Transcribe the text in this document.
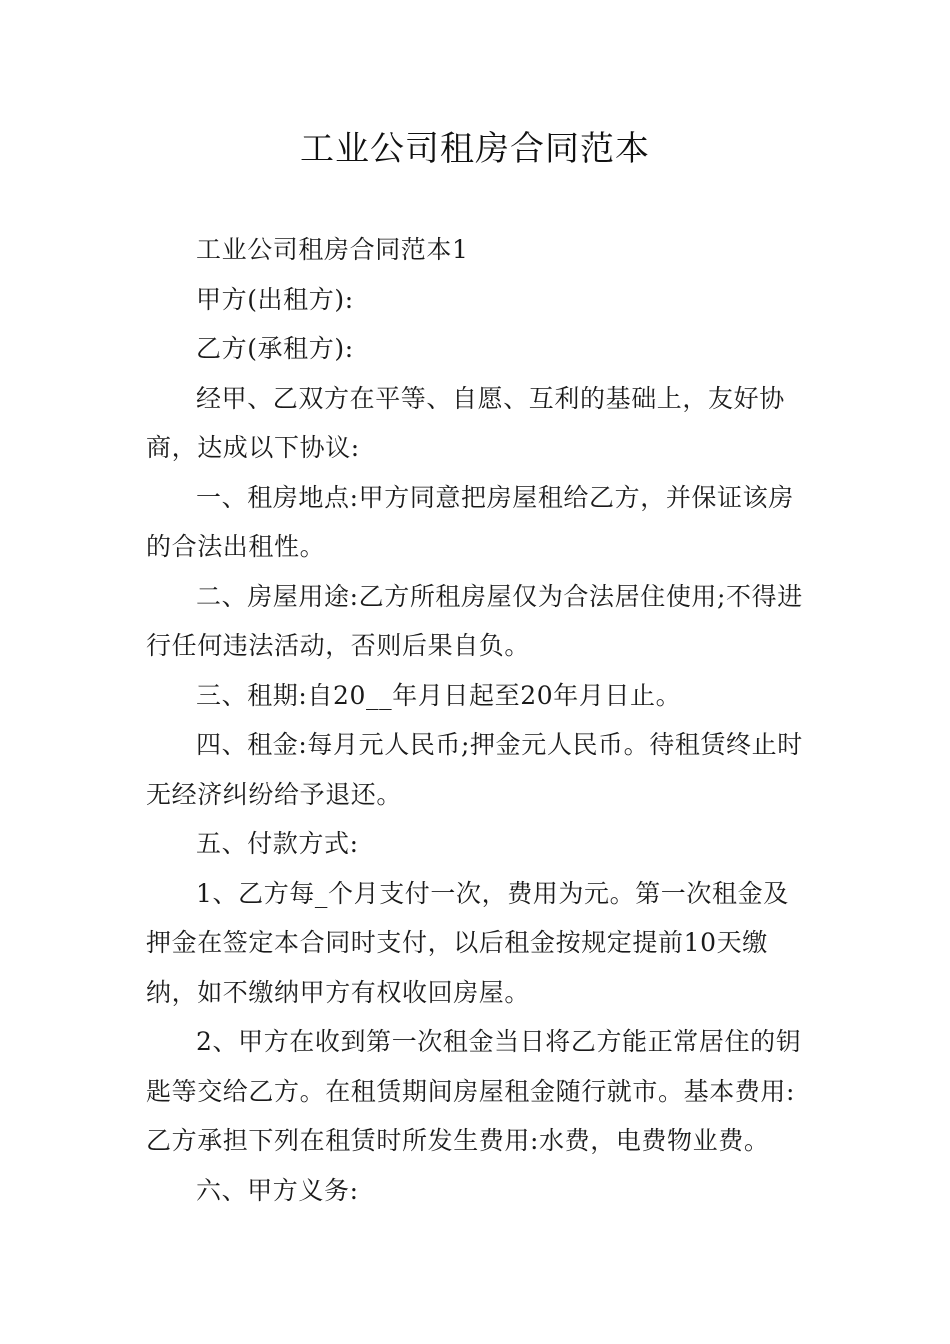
工业公司租房合同范本

工业公司租房合同范本1

甲方(出租方):

乙方(承租方):

经甲、乙双方在平等、自愿、互利的基础上，友好协商，达成以下协议:

一、租房地点:甲方同意把房屋租给乙方，并保证该房的合法出租性。

二、房屋用途:乙方所租房屋仅为合法居住使用;不得进行任何违法活动，否则后果自负。

三、租期:自20__年月日起至20年月日止。

四、租金:每月元人民币;押金元人民币。待租赁终止时无经济纠纷给予退还。

五、付款方式:

1、乙方每_个月支付一次，费用为元。第一次租金及押金在签定本合同时支付，以后租金按规定提前10天缴纳，如不缴纳甲方有权收回房屋。

2、甲方在收到第一次租金当日将乙方能正常居住的钥匙等交给乙方。在租赁期间房屋租金随行就市。基本费用:乙方承担下列在租赁时所发生费用:水费，电费物业费。

六、甲方义务:
